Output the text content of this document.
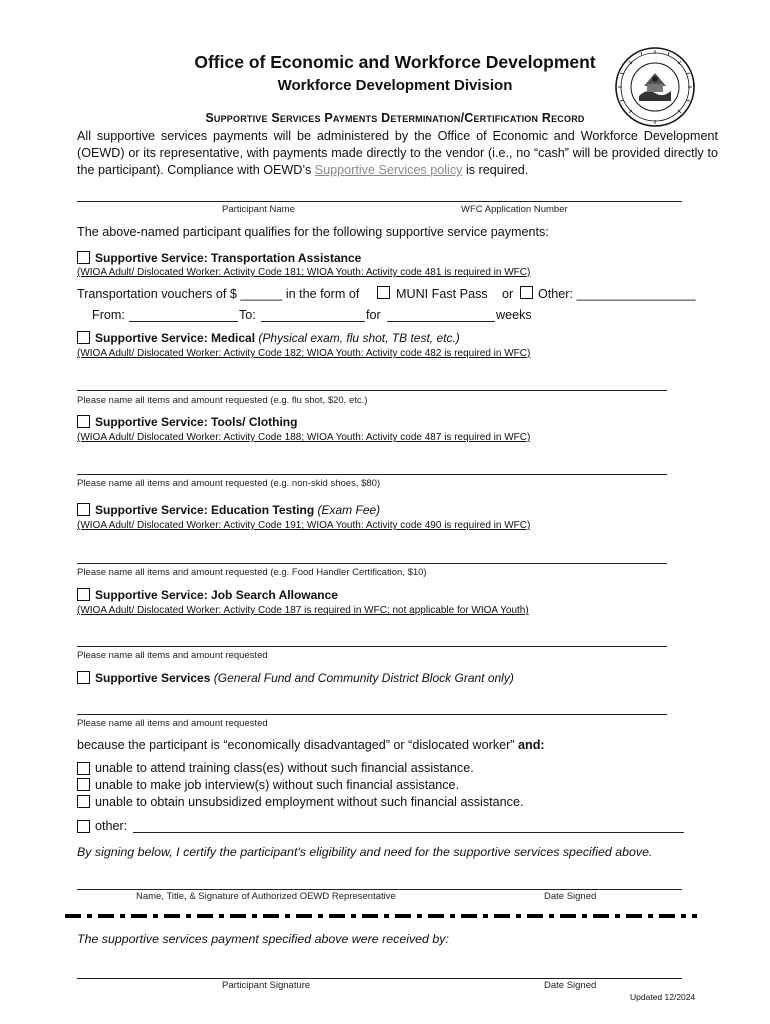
Office of Economic and Workforce Development
Workforce Development Division
Supportive Services Payments Determination/Certification Record
All supportive services payments will be administered by the Office of Economic and Workforce Development (OEWD) or its representative, with payments made directly to the vendor (i.e., no “cash” will be provided directly to the participant). Compliance with OEWD’s Supportive Services policy is required.
Participant Name	WFC Application Number
The above-named participant qualifies for the following supportive service payments:
Supportive Service: Transportation Assistance
(WIOA Adult/ Dislocated Worker: Activity Code 181; WIOA Youth: Activity code 481 is required in WFC)
Transportation vouchers of $ ______ in the form of	MUNI Fast Pass or Other: _________________
From:	To:	for	weeks
Supportive Service: Medical (Physical exam, flu shot, TB test, etc.)
(WIOA Adult/ Dislocated Worker: Activity Code 182; WIOA Youth: Activity code 482 is required in WFC)
Please name all items and amount requested (e.g. flu shot, $20, etc.)
Supportive Service: Tools/ Clothing
(WIOA Adult/ Dislocated Worker: Activity Code 188; WIOA Youth: Activity code 487 is required in WFC)
Please name all items and amount requested (e.g. non-skid shoes, $80)
Supportive Service: Education Testing (Exam Fee)
(WIOA Adult/ Dislocated Worker: Activity Code 191; WIOA Youth: Activity code 490 is required in WFC)
Please name all items and amount requested (e.g. Food Handler Certification, $10)
Supportive Service: Job Search Allowance
(WIOA Adult/ Dislocated Worker: Activity Code 187 is required in WFC; not applicable for WIOA Youth)
Please name all items and amount requested
Supportive Services (General Fund and Community District Block Grant only)
Please name all items and amount requested
because the participant is “economically disadvantaged” or “dislocated worker” and:
unable to attend training class(es) without such financial assistance.
unable to make job interview(s) without such financial assistance.
unable to obtain unsubsidized employment without such financial assistance.
other:
By signing below, I certify the participant's eligibility and need for the supportive services specified above.
Name, Title, & Signature of Authorized OEWD Representative	Date Signed
The supportive services payment specified above were received by:
Participant Signature	Date Signed
Updated 12/2024
